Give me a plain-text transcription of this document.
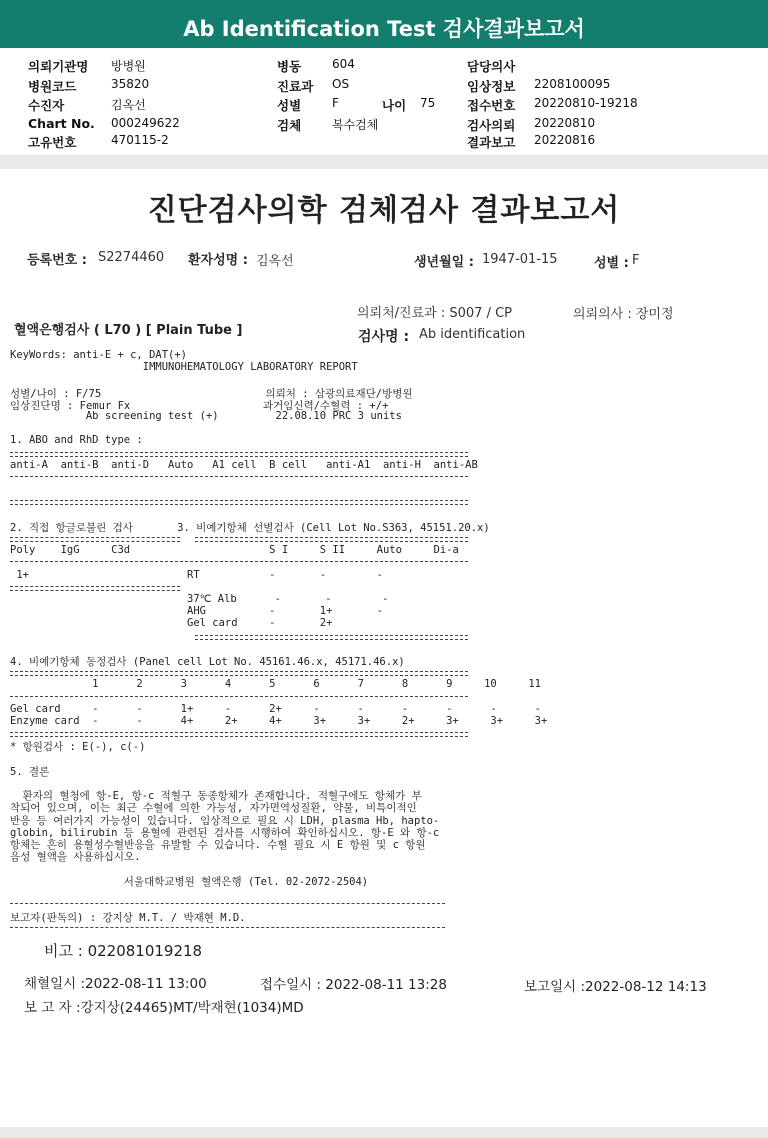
Ab Identification Test 검사결과보고서
의뢰기관명 방병원
병원코드	35820
수진자	김옥선
Chart No. 000249622
고유번호	470115-2
병동	604
진료과 OS
성별	F	나이 75
검체	복수검체
담당의사
임상정보 2208100095
접수번호 20220810-19218
검사의뢰 20220810
결과보고 20220816
진단검사의학 검체검사 결과보고서
등록번호 : S2274460 환자성명 : 김옥선	생년월일 : 1947-01-15	성별 : F
의뢰처/진료과 : S007 / CP	의뢰의사 : 장미정
혈액은행검사 ( L70 ) [ Plain Tube ]	검사명 : Ab identification
KeyWords: anti-E + c, DAT(+)
IMMUNOHEMATOLOGY LABORATORY REPORT
성별/나이 : F/75                          의뢰처 : 삼광의료재단/방병원
임상진단명 : Femur Fx                     과거임신력/수혈력 : +/+
Ab screening test (+)         22.08.10 PRC 3 units
1. ABO and RhD type :
anti-A  anti-B  anti-D   Auto   A1 cell  B cell   anti-A1  anti-H  anti-AB
2. 직접 항글로불린 검사       3. 비예기항체 선별검사 (Cell Lot No.S363, 45151.20.x)
Poly    IgG     C3d                      S I     S II     Auto     Di-a
1+                         RT           -       -        -
37℃ Alb      -       -        -
AHG          -       1+       -
Gel card     -       2+
4. 비예기항체 동정검사 (Panel cell Lot No. 45161.46.x, 45171.46.x)
1      2      3      4      5      6      7      8      9     10     11
Gel card     -      -      1+     -      2+     -      -      -      -      -      -
Enzyme card  -      -      4+     2+     4+     3+     3+     2+     3+     3+     3+
* 항원검사 : E(-), c(-)
5. 결론
환자의 혈청에 항-E, 항-c 적혈구 동종항체가 존재합니다. 적혈구에도 항체가 부
착되어 있으며, 이는 최근 수혈에 의한 가능성, 자가면역성질환, 약물, 비특이적인
반응 등 여러가지 가능성이 있습니다. 임상적으로 필요 시 LDH, plasma Hb, hapto-
globin, bilirubin 등 용혈에 관련된 검사를 시행하여 확인하십시오. 항-E 와 항-c
항체는 흔히 용혈성수혈반응을 유발할 수 있습니다. 수혈 필요 시 E 항원 및 c 항원
음성 혈액을 사용하십시오.
서울대학교병원 혈액은행 (Tel. 02-2072-2504)
보고자(판독의) : 강지상 M.T. / 박재현 M.D.
비고 : 022081019218
채혈일시 :2022-08-11 13:00	접수일시 : 2022-08-11 13:28	보고일시 :2022-08-12 14:13
보 고 자 :강지상(24465)MT/박재현(1034)MD
